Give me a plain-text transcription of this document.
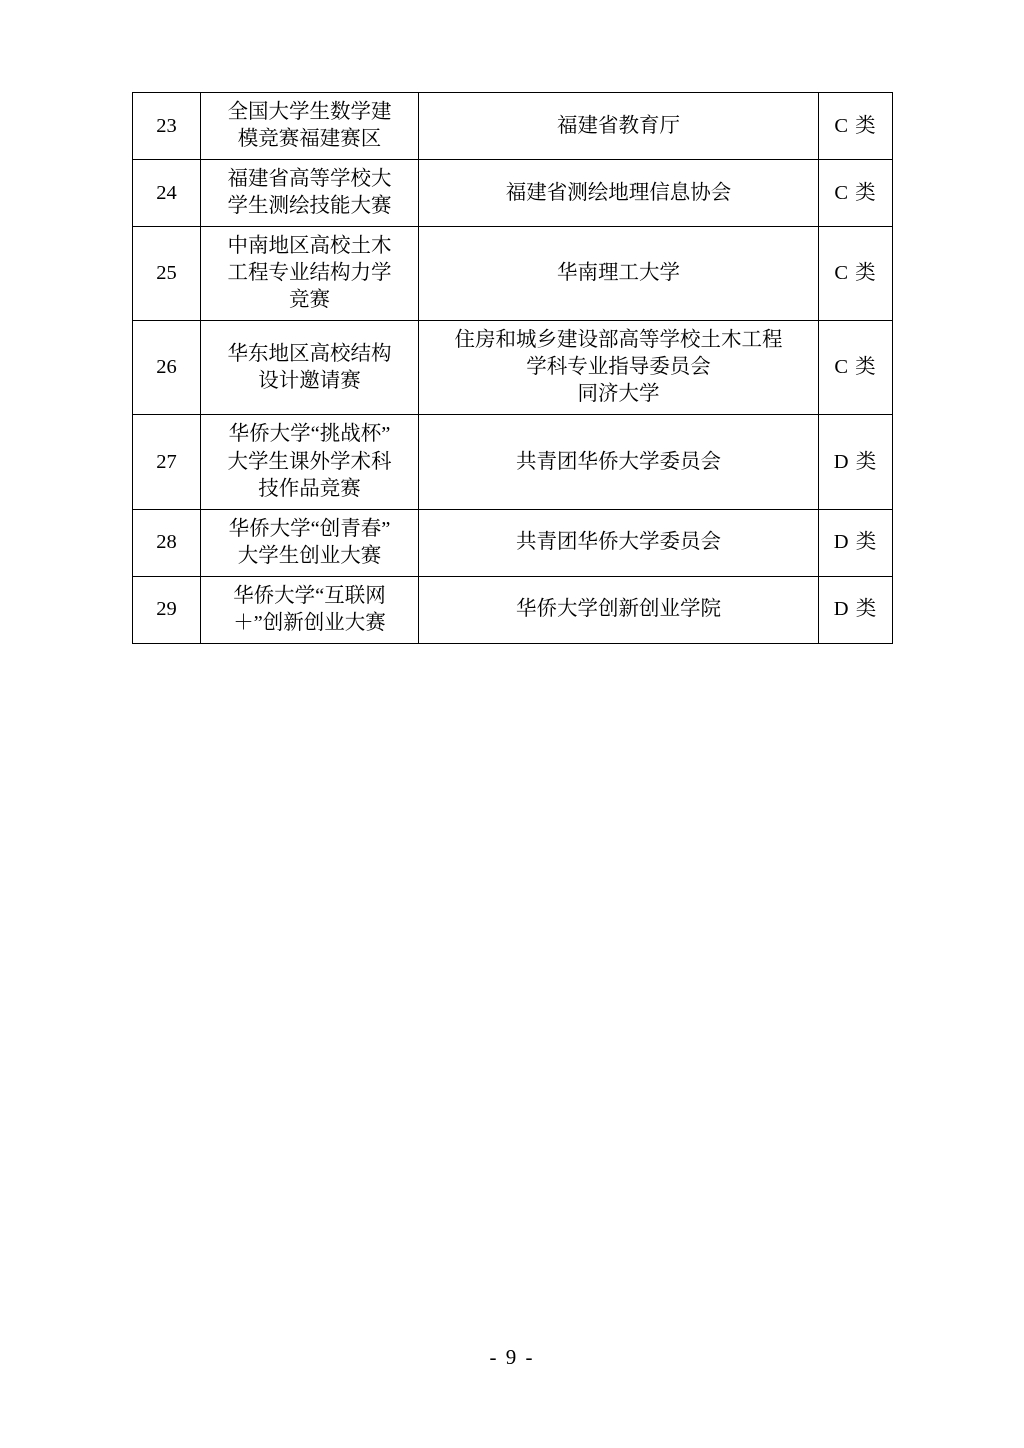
23	全国大学生数学建
模竞赛福建赛区	福建省教育厅	C 类
24	福建省高等学校大
学生测绘技能大赛	福建省测绘地理信息协会	C 类
25	中南地区高校土木
工程专业结构力学
竞赛	华南理工大学	C 类
26	华东地区高校结构
设计邀请赛	住房和城乡建设部高等学校土木工程
学科专业指导委员会
同济大学	C 类
27	华侨大学“挑战杯”
大学生课外学术科
技作品竞赛	共青团华侨大学委员会	D 类
28	华侨大学“创青春”
大学生创业大赛	共青团华侨大学委员会	D 类
29	华侨大学“互联网
＋”创新创业大赛	华侨大学创新创业学院	D 类
- 9 -
